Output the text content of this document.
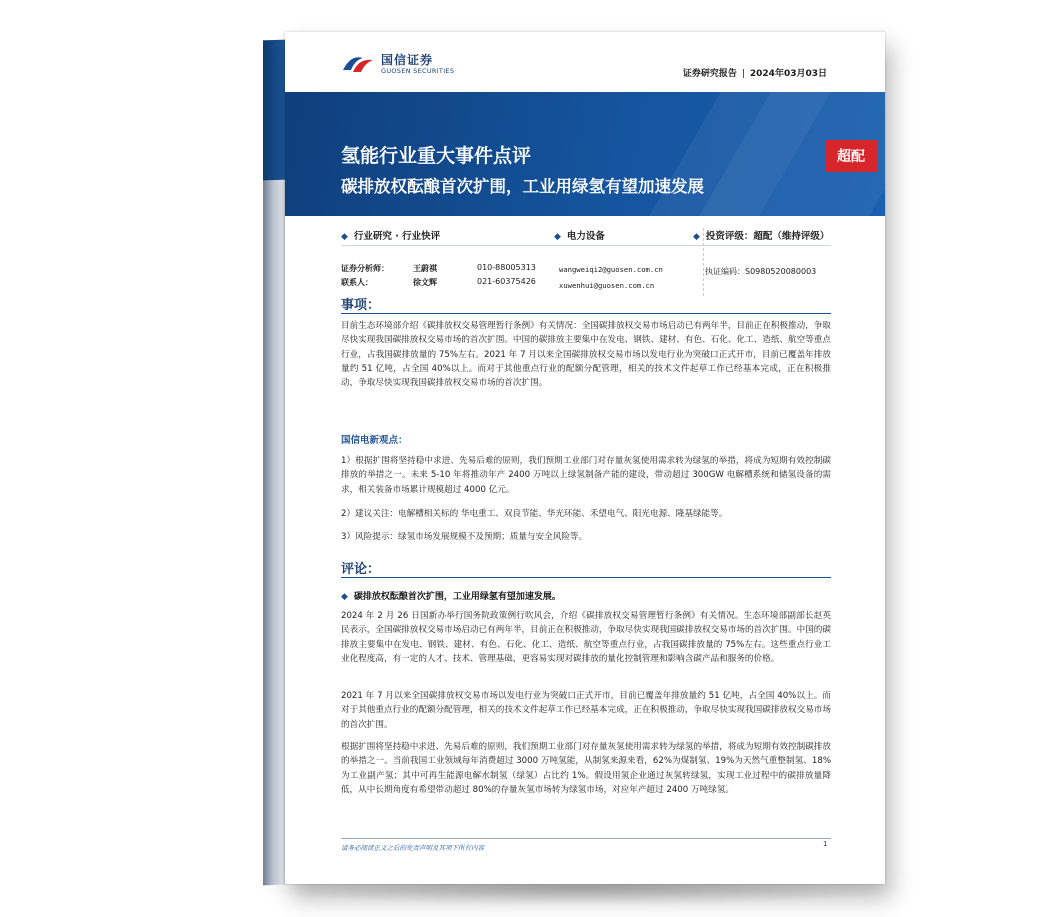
国信证券
GUOSEN SECURITIES	证券研究报告 | 2024年03月03日
氢能行业重大事件点评
碳排放权酝酿首次扩围，工业用绿氢有望加速发展
超配
◆ 行业研究 · 行业快评	◆ 电力设备	◆ 投资评级：超配（维持评级）
证券分析师：	王蔚祺	010-88005313	wangweiqi2@guosen.com.cn	执证编码：S0980520080003
联系人：	徐文辉	021-60375426	xuwenhui@guosen.com.cn
事项：
目前生态环境部介绍《碳排放权交易管理暂行条例》有关情况：全国碳排放权交易市场启动已有两年半，目前正在积极推动，争取尽快实现我国碳排放权交易市场的首次扩围。中国的碳排放主要集中在发电、钢铁、建材、有色、石化、化工、造纸、航空等重点行业，占我国碳排放量的 75%左右。2021 年 7 月以来全国碳排放权交易市场以发电行业为突破口正式开市，目前已覆盖年排放量约 51 亿吨，占全国 40%以上。而对于其他重点行业的配额分配管理，相关的技术文件起草工作已经基本完成，正在积极推动，争取尽快实现我国碳排放权交易市场的首次扩围。
国信电新观点：
1）根据扩围将坚持稳中求进、先易后难的原则，我们预期工业部门对存量灰氢使用需求转为绿氢的举措，将成为短期有效控制碳排放的举措之一。未来 5-10 年将推动年产 2400 万吨以上绿氢制备产能的建设，带动超过 300GW 电解槽系统和储氢设备的需求，相关装备市场累计规模超过 4000 亿元。
2）建议关注：电解槽相关标的 华电重工、双良节能、华光环能、禾望电气、阳光电源、隆基绿能等。
3）风险提示：绿氢市场发展规模不及预期；质量与安全风险等。
评论：
◆ 碳排放权酝酿首次扩围，工业用绿氢有望加速发展。
2024 年 2 月 26 日国新办举行国务院政策例行吹风会，介绍《碳排放权交易管理暂行条例》有关情况。生态环境部副部长赵英民表示，全国碳排放权交易市场启动已有两年半，目前正在积极推动，争取尽快实现我国碳排放权交易市场的首次扩围。中国的碳排放主要集中在发电、钢铁、建材、有色、石化、化工、造纸、航空等重点行业，占我国碳排放量的 75%左右。这些重点行业工业化程度高，有一定的人才、技术、管理基础，更容易实现对碳排放的量化控制管理和影响含碳产品和服务的价格。
2021 年 7 月以来全国碳排放权交易市场以发电行业为突破口正式开市，目前已覆盖年排放量约 51 亿吨，占全国 40%以上。而对于其他重点行业的配额分配管理，相关的技术文件起草工作已经基本完成，正在积极推动，争取尽快实现我国碳排放权交易市场的首次扩围。
根据扩围将坚持稳中求进、先易后难的原则，我们预期工业部门对存量灰氢使用需求转为绿氢的举措，将成为短期有效控制碳排放的举措之一。当前我国工业领域每年消费超过 3000 万吨氢能，从制氢来源来看，62%为煤制氢、19%为天然气重整制氢、18%为工业副产氢；其中可再生能源电解水制氢（绿氢）占比约 1%。假设用氢企业通过灰氢转绿氢，实现工业过程中的碳排放量降低，从中长期角度有希望带动超过 80%的存量灰氢市场转为绿氢市场，对应年产超过 2400 万吨绿氢。
请务必阅读正文之后的免责声明及其项下所有内容	1
